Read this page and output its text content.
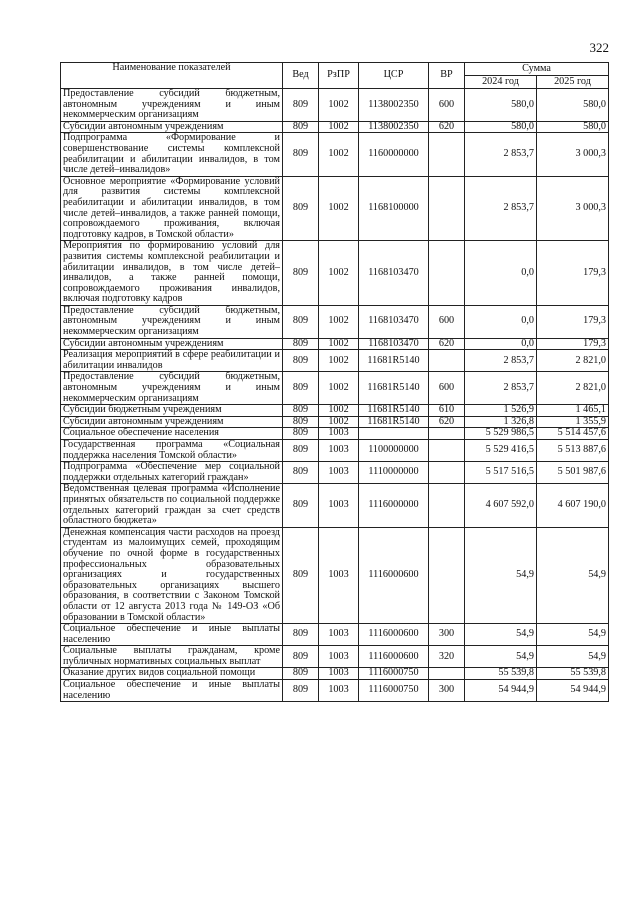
322
Наименование показателей	Вед	РзПР	ЦСР	ВР	Сумма	
					2024 год	2025 год
Предоставление субсидий бюджетным, автономным учреждениям и иным некоммерческим организациям	809	1002	1138002350	600	580,0	580,0
Субсидии автономным учреждениям	809	1002	1138002350	620	580,0	580,0
Подпрограмма «Формирование и совершенствование системы комплексной реабилитации и абилитации инвалидов, в том числе детей–инвалидов»	809	1002	1160000000		2 853,7	3 000,3
Основное мероприятие «Формирование условий для развития системы комплексной реабилитации и абилитации инвалидов, в том числе детей–инвалидов, а также ранней помощи, сопровождаемого проживания, включая подготовку кадров, в Томской области»	809	1002	1168100000		2 853,7	3 000,3
Мероприятия по формированию условий для развития системы комплексной реабилитации и абилитации инвалидов, в том числе детей–инвалидов, а также ранней помощи, сопровождаемого проживания инвалидов, включая подготовку кадров	809	1002	1168103470		0,0	179,3
Предоставление субсидий бюджетным, автономным учреждениям и иным некоммерческим организациям	809	1002	1168103470	600	0,0	179,3
Субсидии автономным учреждениям	809	1002	1168103470	620	0,0	179,3
Реализация мероприятий в сфере реабилитации и абилитации инвалидов	809	1002	11681R5140		2 853,7	2 821,0
Предоставление субсидий бюджетным, автономным учреждениям и иным некоммерческим организациям	809	1002	11681R5140	600	2 853,7	2 821,0
Субсидии бюджетным учреждениям	809	1002	11681R5140	610	1 526,9	1 465,1
Субсидии автономным учреждениям	809	1002	11681R5140	620	1 326,8	1 355,9
Социальное обеспечение населения	809	1003			5 529 986,5	5 514 457,6
Государственная программа «Социальная поддержка населения Томской области»	809	1003	1100000000		5 529 416,5	5 513 887,6
Подпрограмма «Обеспечение мер социальной поддержки отдельных категорий граждан»	809	1003	1110000000		5 517 516,5	5 501 987,6
Ведомственная целевая программа «Исполнение принятых обязательств по социальной поддержке отдельных категорий граждан за счет средств областного бюджета»	809	1003	1116000000		4 607 592,0	4 607 190,0
Денежная компенсация части расходов на проезд студентам из малоимущих семей, проходящим обучение по очной форме в государственных профессиональных образовательных организациях и государственных образовательных организациях высшего образования, в соответствии с Законом Томской области от 12 августа 2013 года № 149-ОЗ «Об образовании в Томской области»	809	1003	1116000600		54,9	54,9
Социальное обеспечение и иные выплаты населению	809	1003	1116000600	300	54,9	54,9
Социальные выплаты гражданам, кроме публичных нормативных социальных выплат	809	1003	1116000600	320	54,9	54,9
Оказание других видов социальной помощи	809	1003	1116000750		55 539,8	55 539,8
Социальное обеспечение и иные выплаты населению	809	1003	1116000750	300	54 944,9	54 944,9
